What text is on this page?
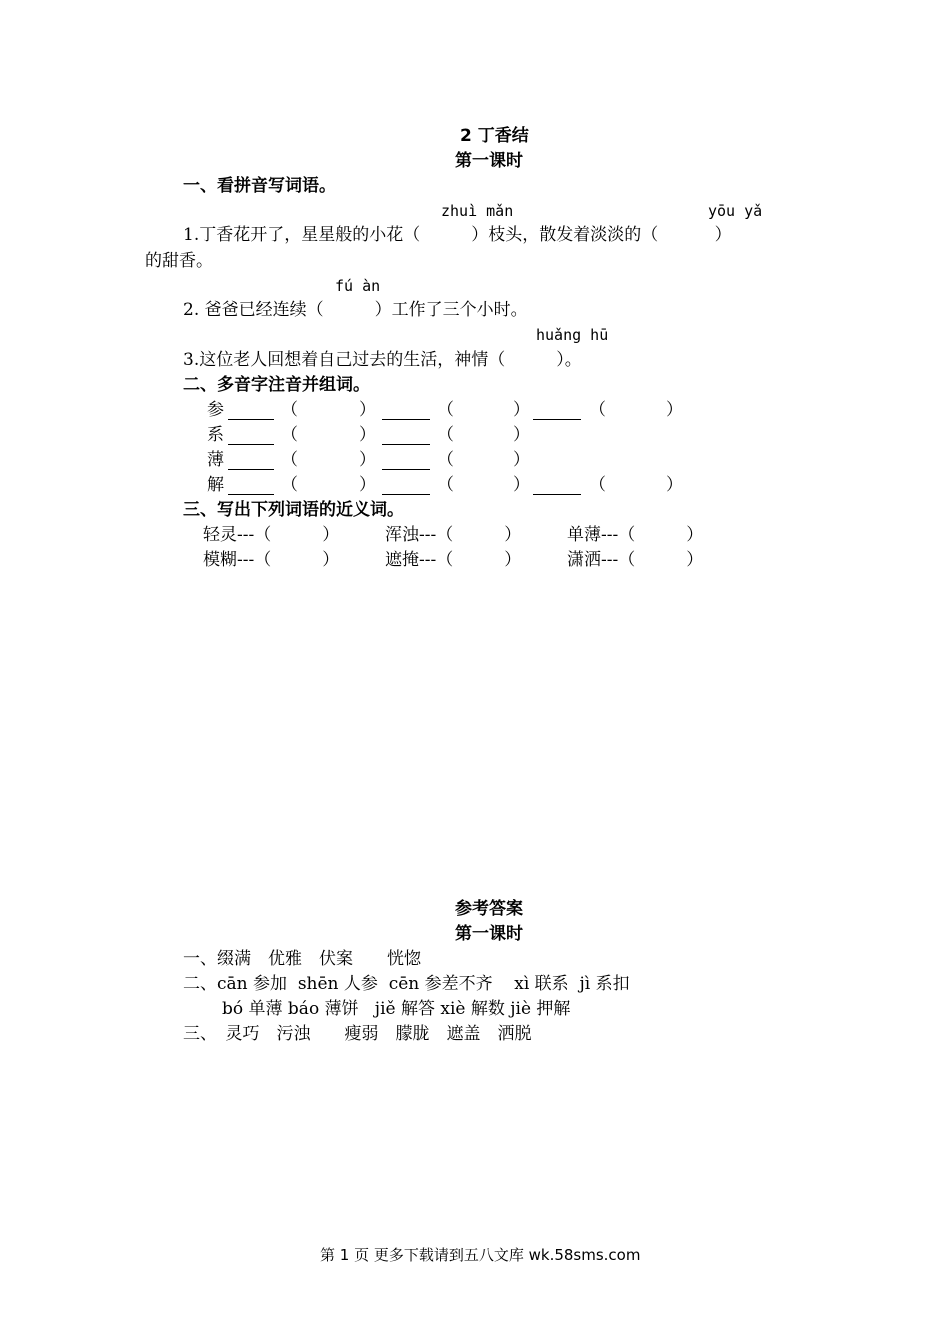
2 丁香结
第一课时
一、看拼音写词语。
zhuì mǎn	yōu yǎ
1.丁香花开了，星星般的小花（　　　）枝头，散发着淡淡的（　　　 ）
的甜香。
fú àn
2. 爸爸已经连续（　　　）工作了三个小时。
huǎng hū
3.这位老人回想着自己过去的生活，神情（　　　）。
二、多音字注音并组词。
参	（	）	（	）	（	）
系	（	）	（	）
薄	（	）	（	）
解	（	）	（	）	（	）
三、写出下列词语的近义词。
轻灵---（　　　）	浑浊---（　　　）	单薄---（　　　）
模糊---（　　　）	遮掩---（　　　）	潇洒---（　　　）
参考答案
第一课时
一、缀满　优雅　伏案　　恍惚
二、cān 参加  shēn 人参  cēn 参差不齐    xì 联系  jì 系扣
bó 单薄 báo 薄饼   jiě 解答 xiè 解数 jiè 押解
三、　灵巧　污浊　　瘦弱　朦胧　遮盖　洒脱
第 1 页 更多下载请到五八文库 wk.58sms.com
